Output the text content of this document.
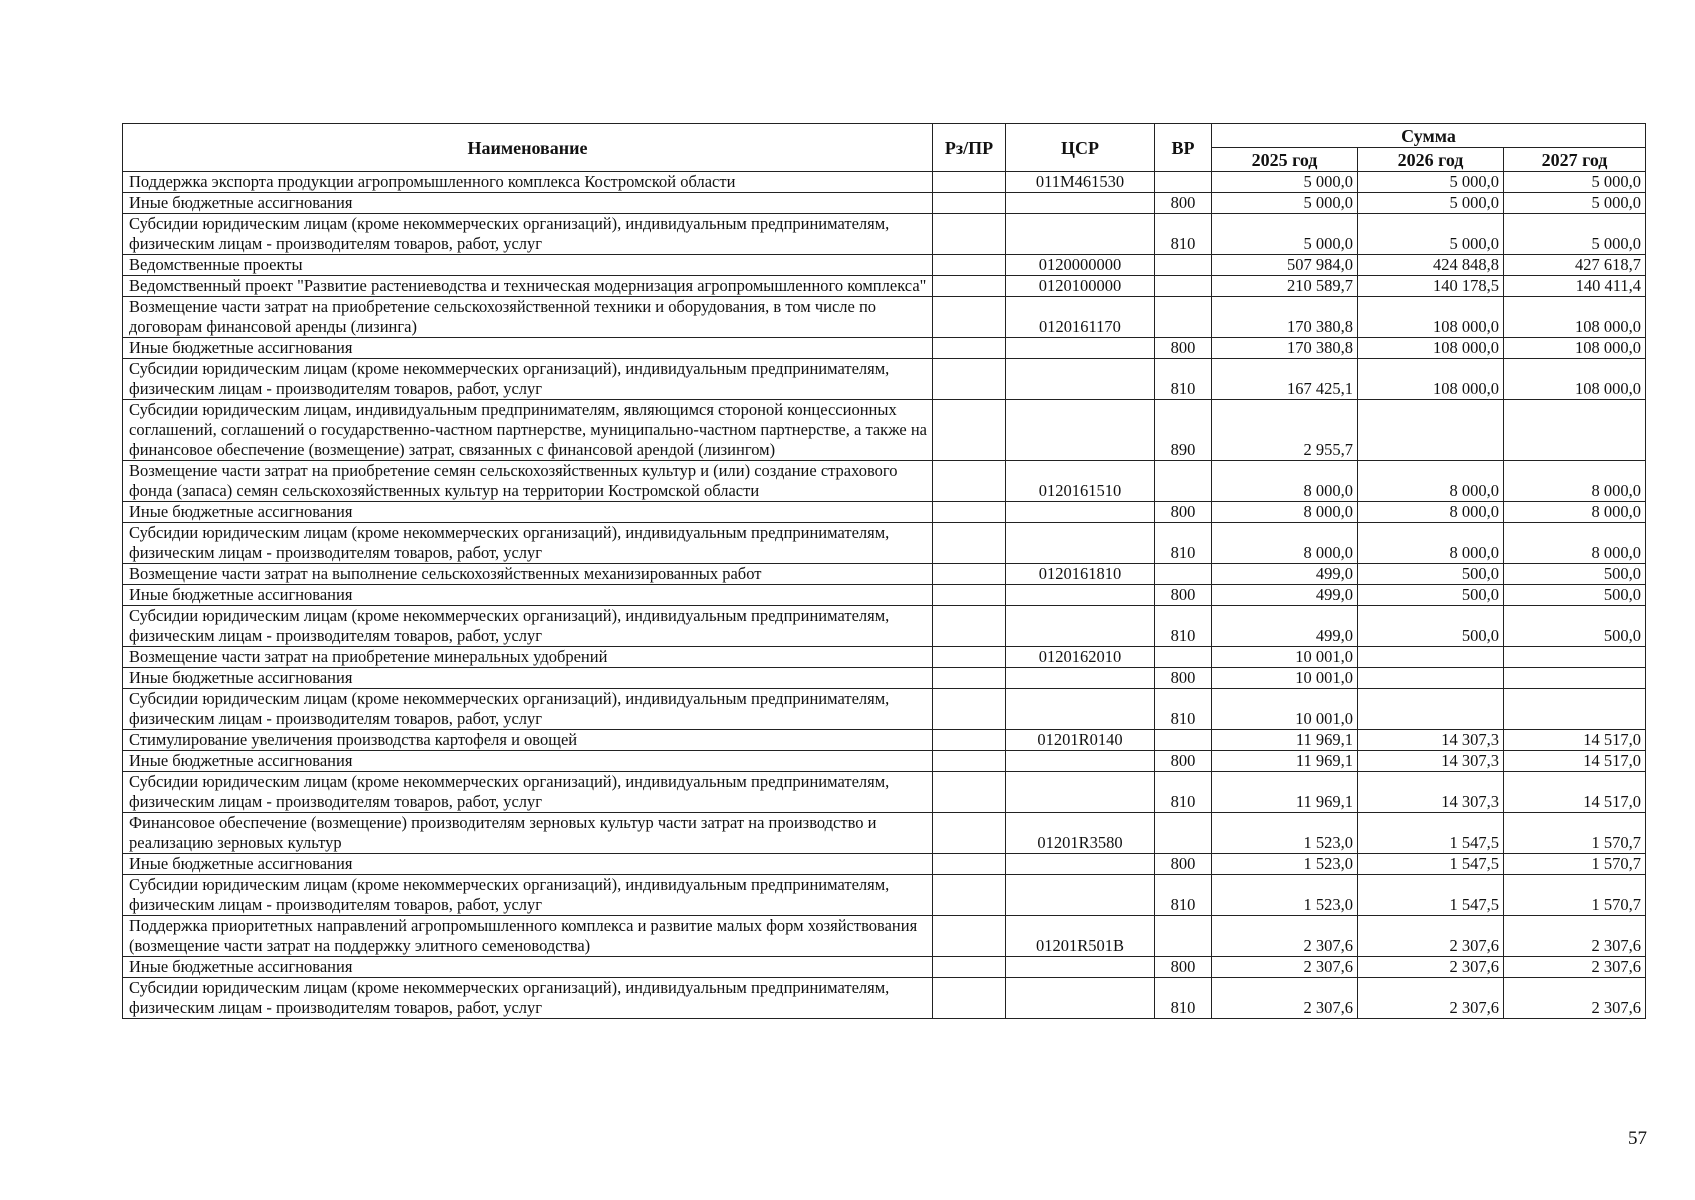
Наименование	Рз/ПР	ЦСР	ВР	Сумма		
				2025 год	2026 год	2027 год
Поддержка экспорта продукции агропромышленного комплекса Костромской области		011M461530		5 000,0	5 000,0	5 000,0
Иные бюджетные ассигнования			800	5 000,0	5 000,0	5 000,0
Субсидии юридическим лицам (кроме некоммерческих организаций), индивидуальным предпринимателям, физическим лицам - производителям товаров, работ, услуг			810	5 000,0	5 000,0	5 000,0
Ведомственные проекты		0120000000		507 984,0	424 848,8	427 618,7
Ведомственный проект "Развитие растениеводства и техническая модернизация агропромышленного комплекса"		0120100000		210 589,7	140 178,5	140 411,4
Возмещение части затрат на приобретение сельскохозяйственной техники и оборудования, в том числе по договорам финансовой аренды (лизинга)		0120161170		170 380,8	108 000,0	108 000,0
Иные бюджетные ассигнования			800	170 380,8	108 000,0	108 000,0
Субсидии юридическим лицам (кроме некоммерческих организаций), индивидуальным предпринимателям, физическим лицам - производителям товаров, работ, услуг			810	167 425,1	108 000,0	108 000,0
Субсидии юридическим лицам, индивидуальным предпринимателям, являющимся стороной концессионных соглашений, соглашений о государственно-частном партнерстве, муниципально-частном партнерстве, а также на финансовое обеспечение (возмещение) затрат, связанных с финансовой арендой (лизингом)			890	2 955,7		
Возмещение части затрат на приобретение семян сельскохозяйственных культур и (или) создание страхового фонда (запаса) семян сельскохозяйственных культур на территории Костромской области		0120161510		8 000,0	8 000,0	8 000,0
Иные бюджетные ассигнования			800	8 000,0	8 000,0	8 000,0
Субсидии юридическим лицам (кроме некоммерческих организаций), индивидуальным предпринимателям, физическим лицам - производителям товаров, работ, услуг			810	8 000,0	8 000,0	8 000,0
Возмещение части затрат на выполнение сельскохозяйственных механизированных работ		0120161810		499,0	500,0	500,0
Иные бюджетные ассигнования			800	499,0	500,0	500,0
Субсидии юридическим лицам (кроме некоммерческих организаций), индивидуальным предпринимателям, физическим лицам - производителям товаров, работ, услуг			810	499,0	500,0	500,0
Возмещение части затрат на приобретение минеральных удобрений		0120162010		10 001,0		
Иные бюджетные ассигнования			800	10 001,0		
Субсидии юридическим лицам (кроме некоммерческих организаций), индивидуальным предпринимателям, физическим лицам - производителям товаров, работ, услуг			810	10 001,0		
Стимулирование увеличения производства картофеля и овощей		01201R0140		11 969,1	14 307,3	14 517,0
Иные бюджетные ассигнования			800	11 969,1	14 307,3	14 517,0
Субсидии юридическим лицам (кроме некоммерческих организаций), индивидуальным предпринимателям, физическим лицам - производителям товаров, работ, услуг			810	11 969,1	14 307,3	14 517,0
Финансовое обеспечение (возмещение) производителям зерновых культур части затрат на производство и реализацию зерновых культур		01201R3580		1 523,0	1 547,5	1 570,7
Иные бюджетные ассигнования			800	1 523,0	1 547,5	1 570,7
Субсидии юридическим лицам (кроме некоммерческих организаций), индивидуальным предпринимателям, физическим лицам - производителям товаров, работ, услуг			810	1 523,0	1 547,5	1 570,7
Поддержка приоритетных направлений агропромышленного комплекса и развитие малых форм хозяйствования (возмещение части затрат на поддержку элитного семеноводства)		01201R501B		2 307,6	2 307,6	2 307,6
Иные бюджетные ассигнования			800	2 307,6	2 307,6	2 307,6
Субсидии юридическим лицам (кроме некоммерческих организаций), индивидуальным предпринимателям, физическим лицам - производителям товаров, работ, услуг			810	2 307,6	2 307,6	2 307,6
57
